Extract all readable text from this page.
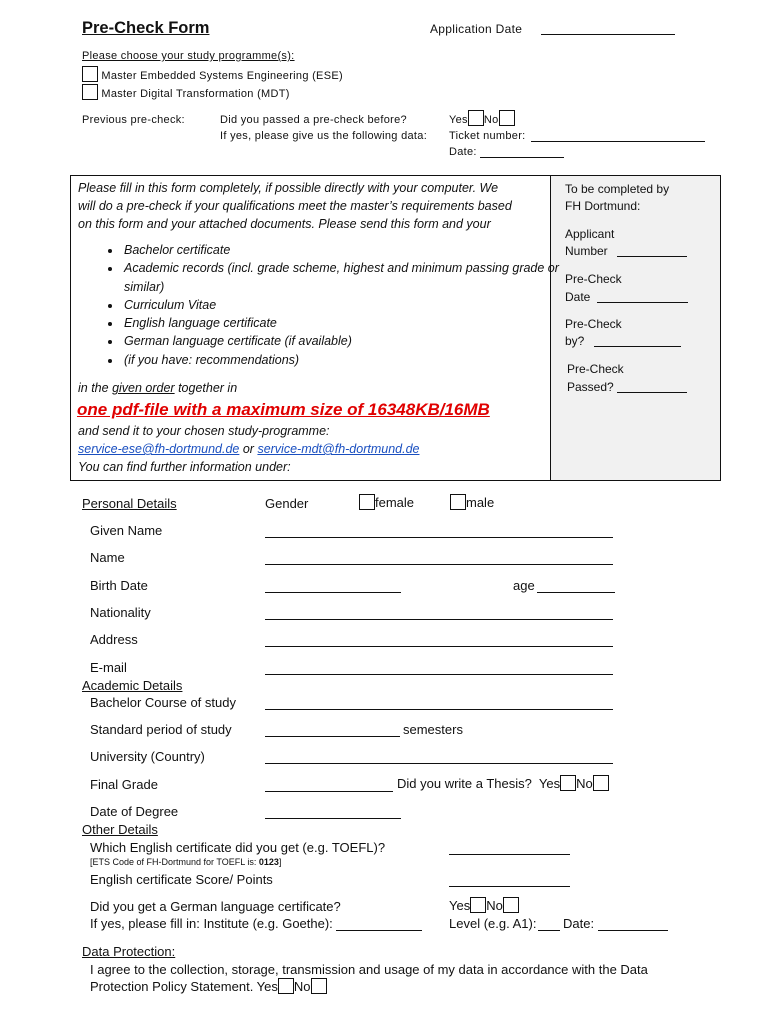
Pre-Check Form	Application Date
Please choose your study programme(s):
Master Embedded Systems Engineering (ESE)
Master Digital Transformation (MDT)
Previous pre-check:	Did you passed a pre-check before?
If yes, please give us the following data:
Yes No
Ticket number:
Date:
Please fill in this form completely, if possible directly with your computer. We
will do a pre-check if your qualifications meet the master’s requirements based
on this form and your attached documents. Please send this form and your
• Bachelor certificate
• Academic records (incl. grade scheme, highest and minimum passing grade or similar)
• Curriculum Vitae
• English language certificate
• German language certificate (if available)
• (if you have: recommendations)
in the given order together in
one pdf-file with a maximum size of 16348KB/16MB
and send it to your chosen study-programme:
service-ese@fh-dortmund.de or service-mdt@fh-dortmund.de
You can find further information under:
To be completed by
FH Dortmund:
Applicant
Number
Pre-Check
Date
Pre-Check
by?
Pre-Check
Passed?
Personal Details	Gender	female	male
Given Name
Name
Birth Date	age
Nationality
Address
E-mail
Academic Details
Bachelor Course of study
Standard period of study	semesters
University (Country)
Final Grade	Did you write a Thesis? Yes No
Date of Degree
Other Details
Which English certificate did you get (e.g. TOEFL)?
[ETS Code of FH-Dortmund for TOEFL is: 0123]
English certificate Score/ Points
Did you get a German language certificate?	Yes No
If yes, please fill in: Institute (e.g. Goethe):	Level (e.g. A1): Date:
Data Protection:
I agree to the collection, storage, transmission and usage of my data in accordance with the Data
Protection Policy Statement. Yes No
